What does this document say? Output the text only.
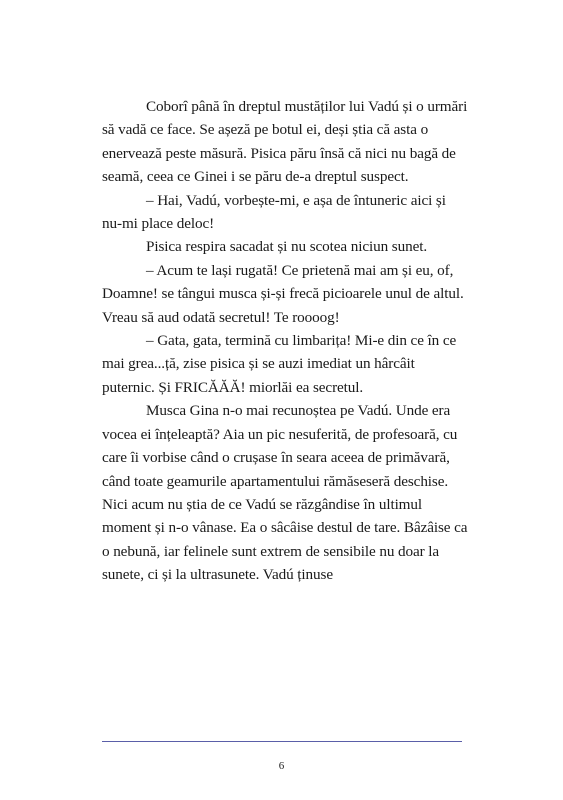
Coborî până în dreptul mustăților lui Vadú și o urmări să vadă ce face. Se așeză pe botul ei, deși știa că asta o enervează peste măsură. Pisica păru însă că nici nu bagă de seamă, ceea ce Ginei i se păru de-a dreptul suspect.

– Hai, Vadú, vorbește-mi, e așa de întuneric aici și nu-mi place deloc!

Pisica respira sacadat și nu scotea niciun sunet.

– Acum te lași rugată! Ce prietenă mai am și eu, of, Doamne! se tângui musca și-și frecă picioarele unul de altul. Vreau să aud odată secretul! Te roooog!

– Gata, gata, termină cu limbarița! Mi-e din ce în ce mai grea...ță, zise pisica și se auzi imediat un hârcâit puternic. Și FRICĂĂĂ! miorlăi ea secretul.

Musca Gina n-o mai recunoștea pe Vadú. Unde era vocea ei înțeleaptă? Aia un pic nesuferită, de profesoară, cu care îi vorbise când o crușase în seara aceea de primăvară, când toate geamurile apartamentului rămăseseră deschise. Nici acum nu știa de ce Vadú se răzgândise în ultimul moment și n-o vânase. Ea o sâcâise destul de tare. Bâzâise ca o nebună, iar felinele sunt extrem de sensibile nu doar la sunete, ci și la ultrasunete. Vadú ținuse

6
